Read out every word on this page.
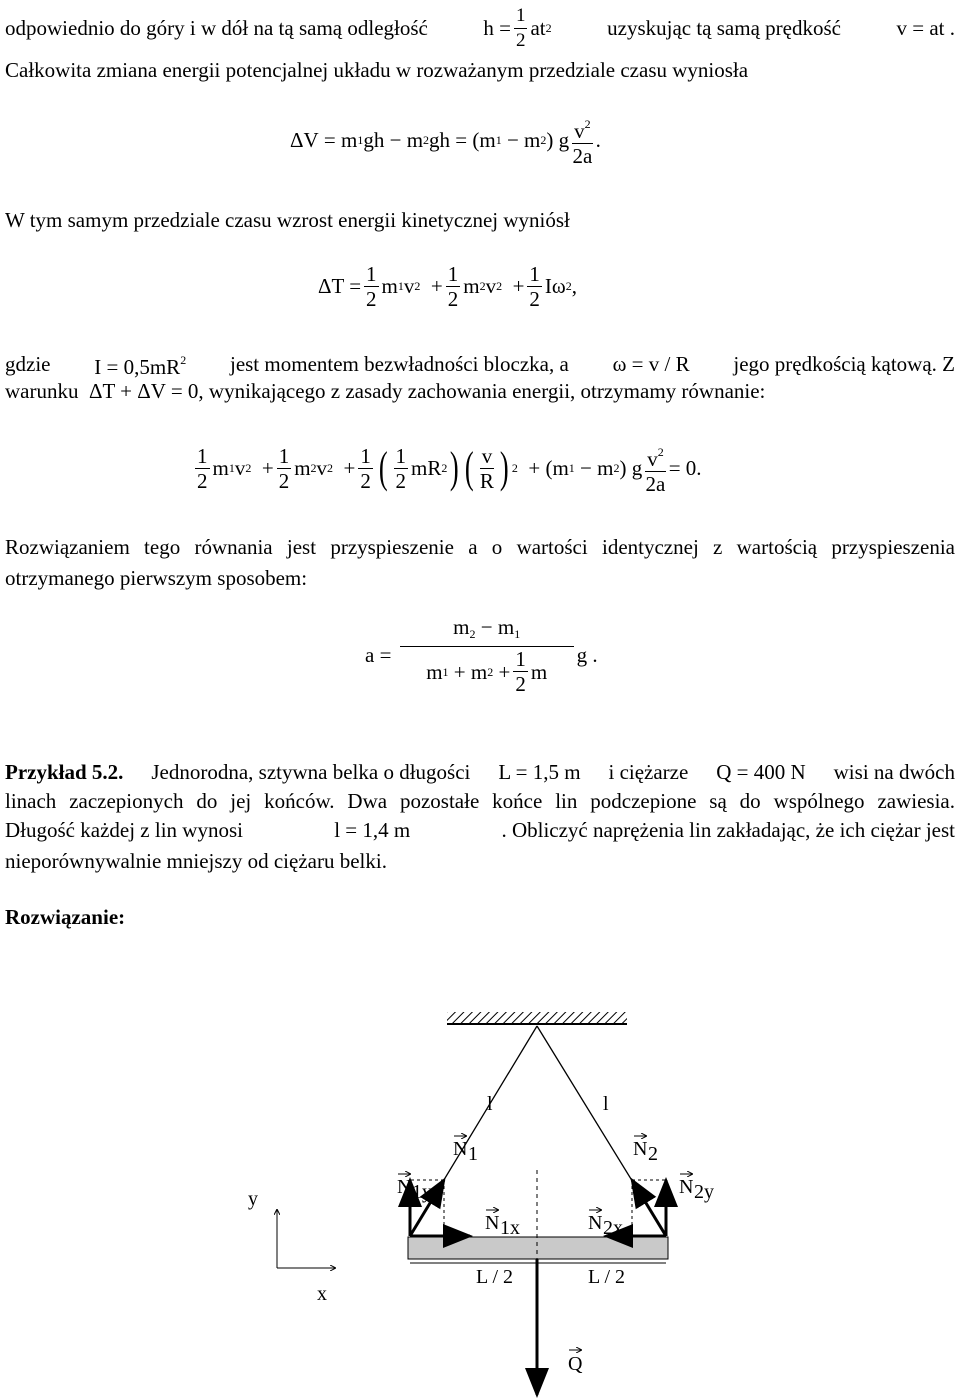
odpowiednio do góry i w dół na tą samą odległość	h
= $\frac{1}{2}$ at 2	uzyskując tą samą prędkość	v
= at .

Całkowita zmiana energii potencjalnej układu w rozważanym przedziale czasu wyniosła

ΔV
= m 1 gh − m 2 gh =
(m 1
− m 2 ) g $\frac{v^2}{2a}$ .

W tym samym przedziale czasu wzrost energii kinetycznej wyniósł

$\Delta T = \frac{1}{2}$ m 1 v 2
+ $\frac{1}{2}$ m 2 v 2
+ $\frac{1}{2}$ Iω 2 ,
gdzie $I = 0,5mR^2$ jest momentem bezwładności bloczka, a ω = v / R jego prędkością kątową. Z
warunku
ΔT + ΔV = 0 , wynikającego z zasady zachowania energii, otrzymamy równanie:
$\frac{1}{2}$ m 1 v 2
+ $\frac{1}{2}$ m 2 v 2
+ $\frac{1}{2}$ ( $\frac{1}{2}$ mR 2 ) ( $\frac{v}{R}$ ) 2
+ ( m 1 − m 2 ) g $\frac{v^2}{2a} = 0$.

Rozwiązaniem tego równania jest przyspieszenie a o wartości identycznej z wartością przyspieszenia otrzymanego pierwszym sposobem:

a =
$\frac{m_2 - m_1}{m 1 + m 2 + \frac{1}{2} m}$ g .
Przykład 5.2. Jednorodna, sztywna belka o długości L = 1,5 m i ciężarze Q = 400 N wisi na dwóch

linach zaczepionych do jej końców. Dwa pozostałe końce lin podczepione są do wspólnego zawiesia.

Długość każdej z lin wynosi	l = 1,4 m	. Obliczyć naprężenia lin zakładając, że ich ciężar jest

nieporównywalnie mniejszy od ciężaru belki.

Rozwiązanie:

l	l
N 1	N 2
N 1y	N 2y
N 1x	N 2x
y
x
L / 2	L / 2
Q
